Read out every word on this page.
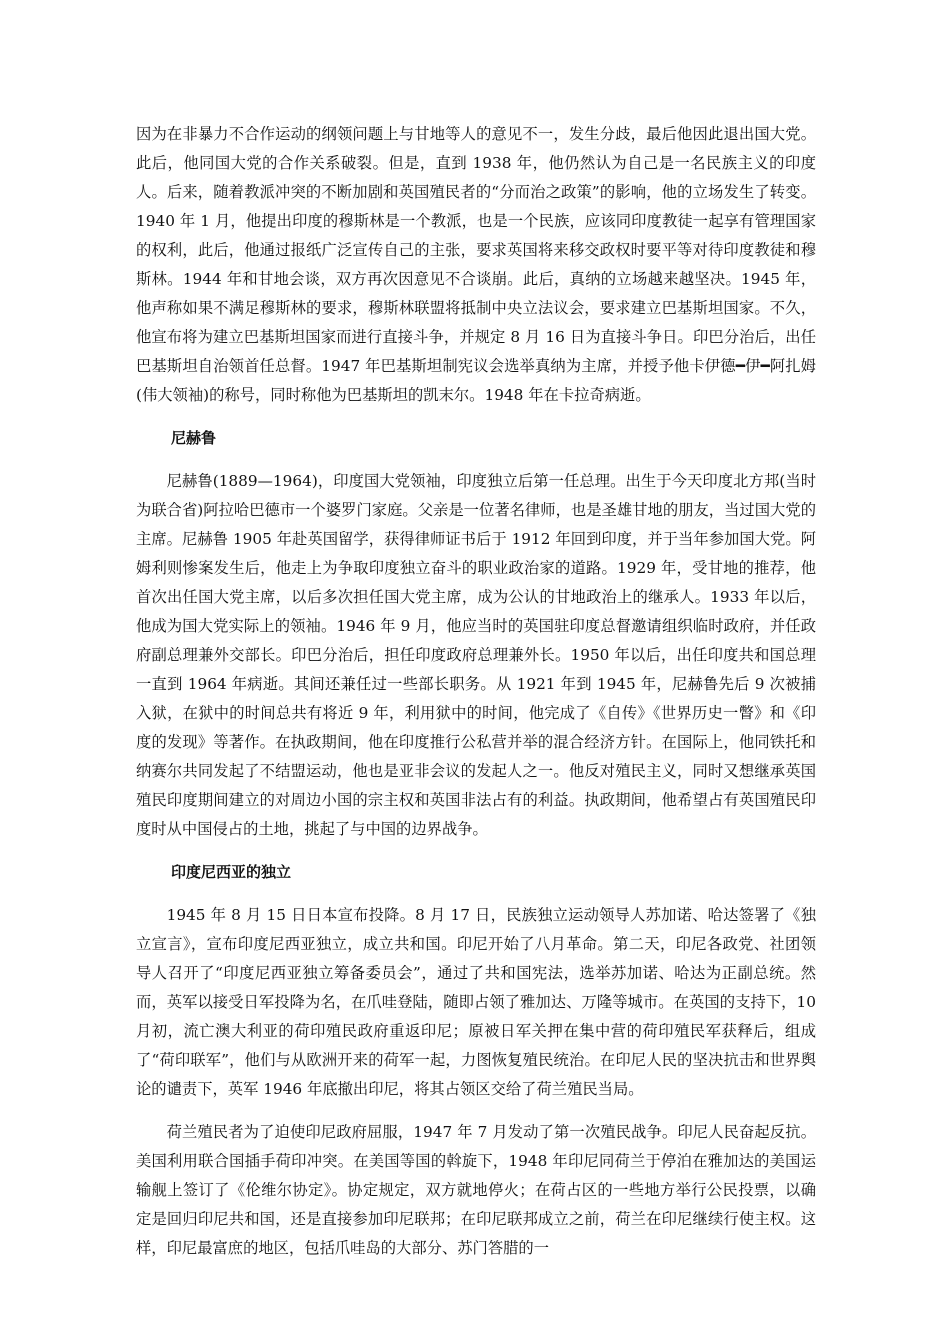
因为在非暴力不合作运动的纲领问题上与甘地等人的意见不一，发生分歧，最后他因此退出国大党。此后，他同国大党的合作关系破裂。但是，直到 1938 年，他仍然认为自己是一名民族主义的印度人。后来，随着教派冲突的不断加剧和英国殖民者的“分而治之政策”的影响，他的立场发生了转变。1940 年 1 月，他提出印度的穆斯林是一个教派，也是一个民族，应该同印度教徒一起享有管理国家的权利，此后，他通过报纸广泛宣传自己的主张，要求英国将来移交政权时要平等对待印度教徒和穆斯林。1944 年和甘地会谈，双方再次因意见不合谈崩。此后，真纳的立场越来越坚决。1945 年，他声称如果不满足穆斯林的要求，穆斯林联盟将抵制中央立法议会，要求建立巴基斯坦国家。不久，他宣布将为建立巴基斯坦国家而进行直接斗争，并规定 8 月 16 日为直接斗争日。印巴分治后，出任巴基斯坦自治领首任总督。1947 年巴基斯坦制宪议会选举真纳为主席，并授予他卡伊德━伊━阿扎姆(伟大领袖)的称号，同时称他为巴基斯坦的凯末尔。1948 年在卡拉奇病逝。

尼赫鲁

尼赫鲁(1889—1964)，印度国大党领袖，印度独立后第一任总理。出生于今天印度北方邦(当时为联合省)阿拉哈巴德市一个婆罗门家庭。父亲是一位著名律师，也是圣雄甘地的朋友，当过国大党的主席。尼赫鲁 1905 年赴英国留学，获得律师证书后于 1912 年回到印度，并于当年参加国大党。阿姆利则惨案发生后，他走上为争取印度独立奋斗的职业政治家的道路。1929 年，受甘地的推荐，他首次出任国大党主席，以后多次担任国大党主席，成为公认的甘地政治上的继承人。1933 年以后，他成为国大党实际上的领袖。1946 年 9 月，他应当时的英国驻印度总督邀请组织临时政府，并任政府副总理兼外交部长。印巴分治后，担任印度政府总理兼外长。1950 年以后，出任印度共和国总理一直到 1964 年病逝。其间还兼任过一些部长职务。从 1921 年到 1945 年，尼赫鲁先后 9 次被捕入狱，在狱中的时间总共有将近 9 年，利用狱中的时间，他完成了《自传》《世界历史一瞥》和《印度的发现》等著作。在执政期间，他在印度推行公私营并举的混合经济方针。在国际上，他同铁托和纳赛尔共同发起了不结盟运动，他也是亚非会议的发起人之一。他反对殖民主义，同时又想继承英国殖民印度期间建立的对周边小国的宗主权和英国非法占有的利益。执政期间，他希望占有英国殖民印度时从中国侵占的土地，挑起了与中国的边界战争。

印度尼西亚的独立

1945 年 8 月 15 日日本宣布投降。8 月 17 日，民族独立运动领导人苏加诺、哈达签署了《独立宣言》，宣布印度尼西亚独立，成立共和国。印尼开始了八月革命。第二天，印尼各政党、社团领导人召开了“印度尼西亚独立筹备委员会”，通过了共和国宪法，选举苏加诺、哈达为正副总统。然而，英军以接受日军投降为名，在爪哇登陆，随即占领了雅加达、万隆等城市。在英国的支持下，10 月初，流亡澳大利亚的荷印殖民政府重返印尼；原被日军关押在集中营的荷印殖民军获释后，组成了“荷印联军”，他们与从欧洲开来的荷军一起，力图恢复殖民统治。在印尼人民的坚决抗击和世界舆论的谴责下，英军 1946 年底撤出印尼，将其占领区交给了荷兰殖民当局。

荷兰殖民者为了迫使印尼政府屈服，1947 年 7 月发动了第一次殖民战争。印尼人民奋起反抗。美国利用联合国插手荷印冲突。在美国等国的斡旋下，1948 年印尼同荷兰于停泊在雅加达的美国运输舰上签订了《伦维尔协定》。协定规定，双方就地停火；在荷占区的一些地方举行公民投票，以确定是回归印尼共和国，还是直接参加印尼联邦；在印尼联邦成立之前，荷兰在印尼继续行使主权。这样，印尼最富庶的地区，包括爪哇岛的大部分、苏门答腊的一
